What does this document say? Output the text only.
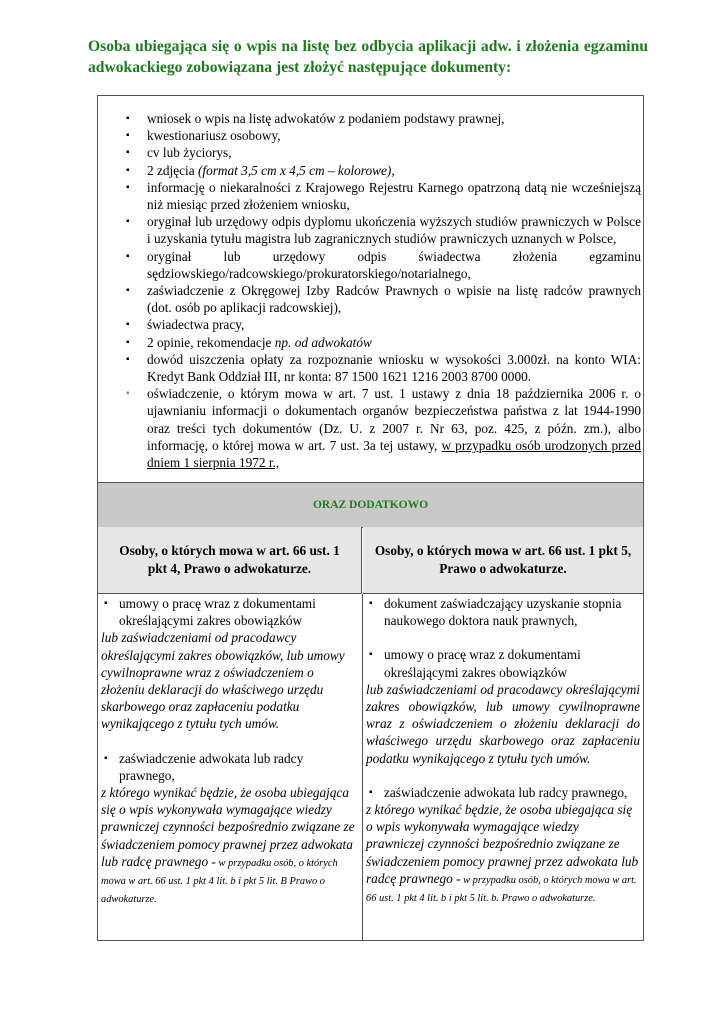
Osoba ubiegająca się o wpis na listę bez odbycia aplikacji adw. i złożenia egzaminu adwokackiego zobowiązana jest złożyć następujące dokumenty:
▪ wniosek o wpis na listę adwokatów z podaniem podstawy prawnej,
▪ kwestionariusz osobowy,
▪ cv lub życiorys,
▪ 2 zdjęcia (format 3,5 cm x 4,5 cm – kolorowe),
▪ informację o niekaralności z Krajowego Rejestru Karnego opatrzoną datą nie wcześniejszą niż miesiąc przed złożeniem wniosku,
▪ oryginał lub urzędowy odpis dyplomu ukończenia wyższych studiów prawniczych w Polsce i uzyskania tytułu magistra lub zagranicznych studiów prawniczych uznanych w Polsce,
▪ oryginał lub urzędowy odpis świadectwa złożenia egzaminu sędziowskiego/radcowskiego/prokuratorskiego/notarialnego,
▪ zaświadczenie z Okręgowej Izby Radców Prawnych o wpisie na listę radców prawnych (dot. osób po aplikacji radcowskiej),
▪ świadectwa pracy,
▪ 2 opinie, rekomendacje np. od adwokatów
▪ dowód uiszczenia opłaty za rozpoznanie wniosku w wysokości 3.000zł. na konto WIA: Kredyt Bank Oddział III, nr konta: 87 1500 1621 1216 2003 8700 0000.
▪ oświadczenie, o którym mowa w art. 7 ust. 1 ustawy z dnia 18 października 2006 r. o ujawnianiu informacji o dokumentach organów bezpieczeństwa państwa z lat 1944-1990 oraz treści tych dokumentów (Dz. U. z 2007 r. Nr 63, poz. 425, z późn. zm.), albo informację, o której mowa w art. 7 ust. 3a tej ustawy, w przypadku osób urodzonych przed dniem 1 sierpnia 1972 r.,
ORAZ DODATKOWO
Osoby, o których mowa w art. 66 ust. 1 pkt 4, Prawo o adwokaturze.
Osoby, o których mowa w art. 66 ust. 1 pkt 5, Prawo o adwokaturze.
▪ umowy o pracę wraz z dokumentami określającymi zakres obowiązków
lub zaświadczeniami od pracodawcy określającymi zakres obowiązków, lub umowy cywilnoprawne wraz z oświadczeniem o złożeniu deklaracji do właściwego urzędu skarbowego oraz zapłaceniu podatku wynikającego z tytułu tych umów.
▪ zaświadczenie adwokata lub radcy prawnego,
z którego wynikać będzie, że osoba ubiegająca się o wpis wykonywała wymagające wiedzy prawniczej czynności bezpośrednio związane ze świadczeniem pomocy prawnej przez adwokata lub radcę prawnego - w przypadku osób, o których mowa w art. 66 ust. 1 pkt 4 lit. b i pkt 5 lit. B Prawo o adwokaturze.
▪ dokument zaświadczający uzyskanie stopnia naukowego doktora nauk prawnych,
▪ umowy o pracę wraz z dokumentami określającymi zakres obowiązków
lub zaświadczeniami od pracodawcy określającymi zakres obowiązków, lub umowy cywilnoprawne wraz z oświadczeniem o złożeniu deklaracji do właściwego urzędu skarbowego oraz zapłaceniu podatku wynikającego z tytułu tych umów.
▪ zaświadczenie adwokata lub radcy prawnego,
z którego wynikać będzie, że osoba ubiegająca się o wpis wykonywała wymagające wiedzy prawniczej czynności bezpośrednio związane ze świadczeniem pomocy prawnej przez adwokata lub radcę prawnego - w przypadku osób, o których mowa w art. 66 ust. 1 pkt 4 lit. b i pkt 5 lit. b. Prawo o adwokaturze.
